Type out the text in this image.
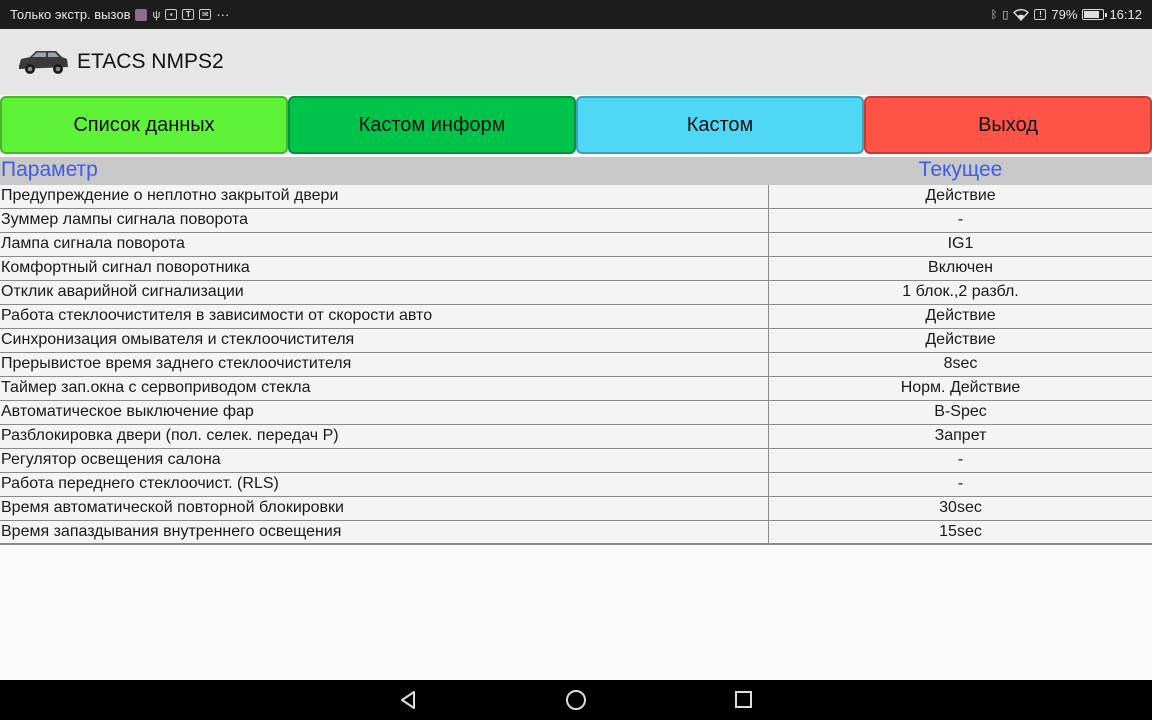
Только экстр. вызов ψ	▪	T	✉ ···	ᛒ ▯	! 79% 16:12
ETACS NMPS2
Список данных	Кастом информ	Кастом	Выход
Параметр	Текущее
Предупреждение о неплотно закрытой двери	Действие
Зуммер лампы сигнала поворота	-
Лампа сигнала поворота	IG1
Комфортный сигнал поворотника	Включен
Отклик аварийной сигнализации	1 блок.,2 разбл.
Работа стеклоочистителя в зависимости от скорости авто	Действие
Синхронизация омывателя и стеклоочистителя	Действие
Прерывистое время заднего стеклоочистителя	8sec
Таймер зап.окна с сервоприводом стекла	Норм. Действие
Автоматическое выключение фар	B-Spec
Разблокировка двери (пол. селек. передач P)	Запрет
Регулятор освещения салона	-
Работа переднего стеклоочист. (RLS)	-
Время автоматической повторной блокировки	30sec
Время запаздывания внутреннего освещения	15sec
